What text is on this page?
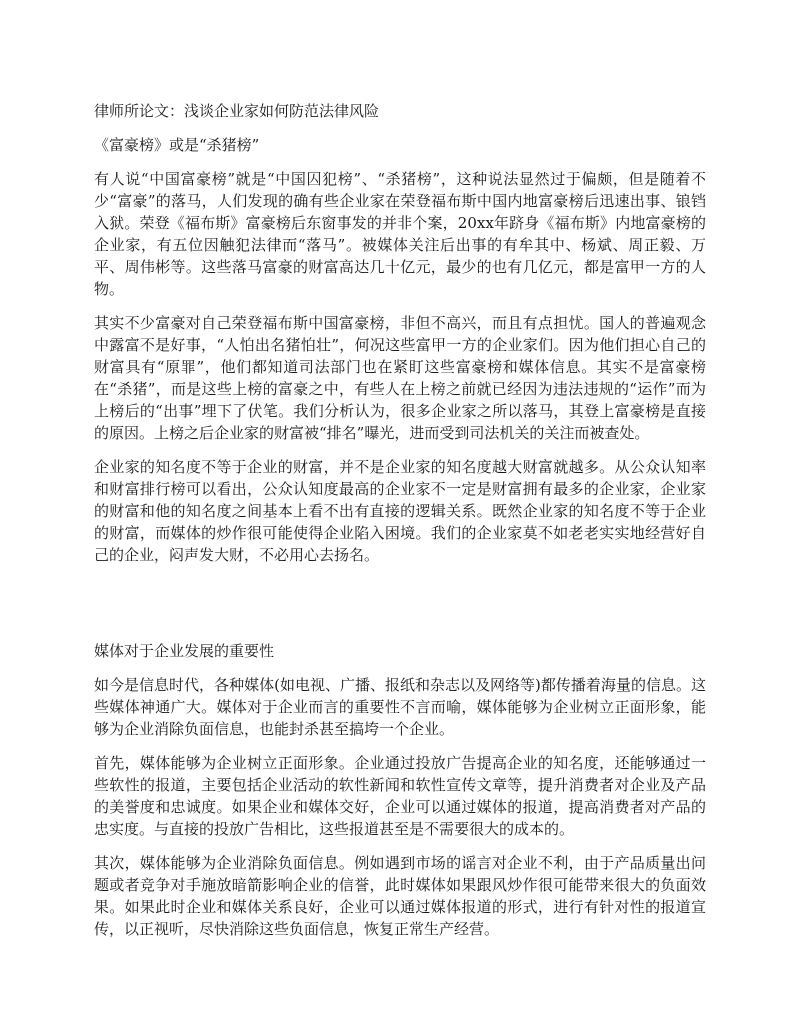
律师所论文：浅谈企业家如何防范法律风险

《富豪榜》或是“杀猪榜”

有人说“中国富豪榜”就是“中国囚犯榜”、“杀猪榜”，这种说法显然过于偏颇，但是随着不少“富豪”的落马，人们发现的确有些企业家在荣登福布斯中国内地富豪榜后迅速出事、锒铛入狱。荣登《福布斯》富豪榜后东窗事发的并非个案，20xx年跻身《福布斯》内地富豪榜的企业家，有五位因触犯法律而“落马”。被媒体关注后出事的有牟其中、杨斌、周正毅、万平、周伟彬等。这些落马富豪的财富高达几十亿元，最少的也有几亿元，都是富甲一方的人物。

其实不少富豪对自己荣登福布斯中国富豪榜，非但不高兴，而且有点担忧。国人的普遍观念中露富不是好事，“人怕出名猪怕壮”，何况这些富甲一方的企业家们。因为他们担心自己的财富具有“原罪”，他们都知道司法部门也在紧盯这些富豪榜和媒体信息。其实不是富豪榜在“杀猪”，而是这些上榜的富豪之中，有些人在上榜之前就已经因为违法违规的“运作”而为上榜后的“出事”埋下了伏笔。我们分析认为，很多企业家之所以落马，其登上富豪榜是直接的原因。上榜之后企业家的财富被“排名”曝光，进而受到司法机关的关注而被查处。

企业家的知名度不等于企业的财富，并不是企业家的知名度越大财富就越多。从公众认知率和财富排行榜可以看出，公众认知度最高的企业家不一定是财富拥有最多的企业家，企业家的财富和他的知名度之间基本上看不出有直接的逻辑关系。既然企业家的知名度不等于企业的财富，而媒体的炒作很可能使得企业陷入困境。我们的企业家莫不如老老实实地经营好自己的企业，闷声发大财，不必用心去扬名。

媒体对于企业发展的重要性

如今是信息时代，各种媒体(如电视、广播、报纸和杂志以及网络等)都传播着海量的信息。这些媒体神通广大。媒体对于企业而言的重要性不言而喻，媒体能够为企业树立正面形象，能够为企业消除负面信息，也能封杀甚至搞垮一个企业。

首先，媒体能够为企业树立正面形象。企业通过投放广告提高企业的知名度，还能够通过一些软性的报道，主要包括企业活动的软性新闻和软性宣传文章等，提升消费者对企业及产品的美誉度和忠诚度。如果企业和媒体交好，企业可以通过媒体的报道，提高消费者对产品的忠实度。与直接的投放广告相比，这些报道甚至是不需要很大的成本的。

其次，媒体能够为企业消除负面信息。例如遇到市场的谣言对企业不利，由于产品质量出问题或者竞争对手施放暗箭影响企业的信誉，此时媒体如果跟风炒作很可能带来很大的负面效果。如果此时企业和媒体关系良好，企业可以通过媒体报道的形式，进行有针对性的报道宣传，以正视听，尽快消除这些负面信息，恢复正常生产经营。
